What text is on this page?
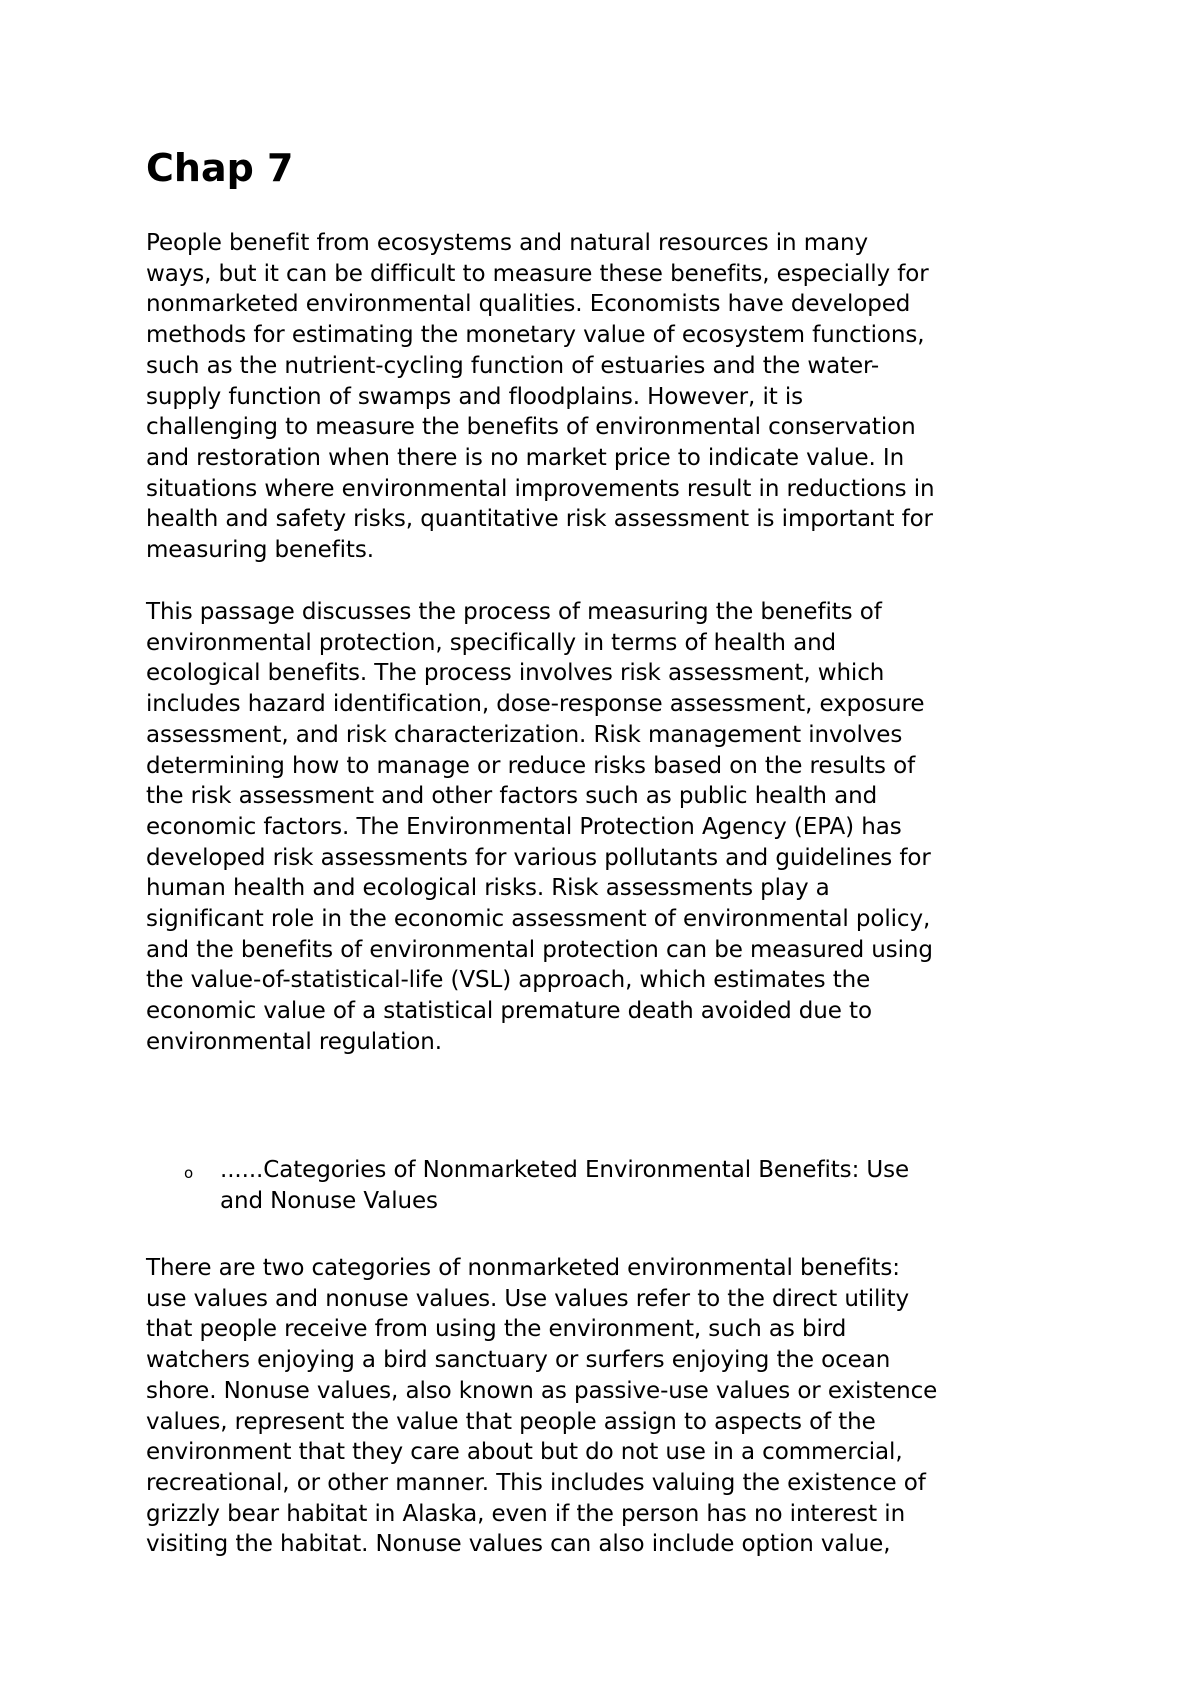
Chap 7

People benefit from ecosystems and natural resources in many
ways, but it can be difficult to measure these benefits, especially for
nonmarketed environmental qualities. Economists have developed
methods for estimating the monetary value of ecosystem functions,
such as the nutrient-cycling function of estuaries and the water-
supply function of swamps and floodplains. However, it is
challenging to measure the benefits of environmental conservation
and restoration when there is no market price to indicate value. In
situations where environmental improvements result in reductions in
health and safety risks, quantitative risk assessment is important for
measuring benefits.

This passage discusses the process of measuring the benefits of
environmental protection, specifically in terms of health and
ecological benefits. The process involves risk assessment, which
includes hazard identification, dose-response assessment, exposure
assessment, and risk characterization. Risk management involves
determining how to manage or reduce risks based on the results of
the risk assessment and other factors such as public health and
economic factors. The Environmental Protection Agency (EPA) has
developed risk assessments for various pollutants and guidelines for
human health and ecological risks. Risk assessments play a
significant role in the economic assessment of environmental policy,
and the benefits of environmental protection can be measured using
the value-of-statistical-life (VSL) approach, which estimates the
economic value of a statistical premature death avoided due to
environmental regulation.

o ......Categories of Nonmarketed Environmental Benefits: Use
and Nonuse Values

There are two categories of nonmarketed environmental benefits:
use values and nonuse values. Use values refer to the direct utility
that people receive from using the environment, such as bird
watchers enjoying a bird sanctuary or surfers enjoying the ocean
shore. Nonuse values, also known as passive-use values or existence
values, represent the value that people assign to aspects of the
environment that they care about but do not use in a commercial,
recreational, or other manner. This includes valuing the existence of
grizzly bear habitat in Alaska, even if the person has no interest in
visiting the habitat. Nonuse values can also include option value,
